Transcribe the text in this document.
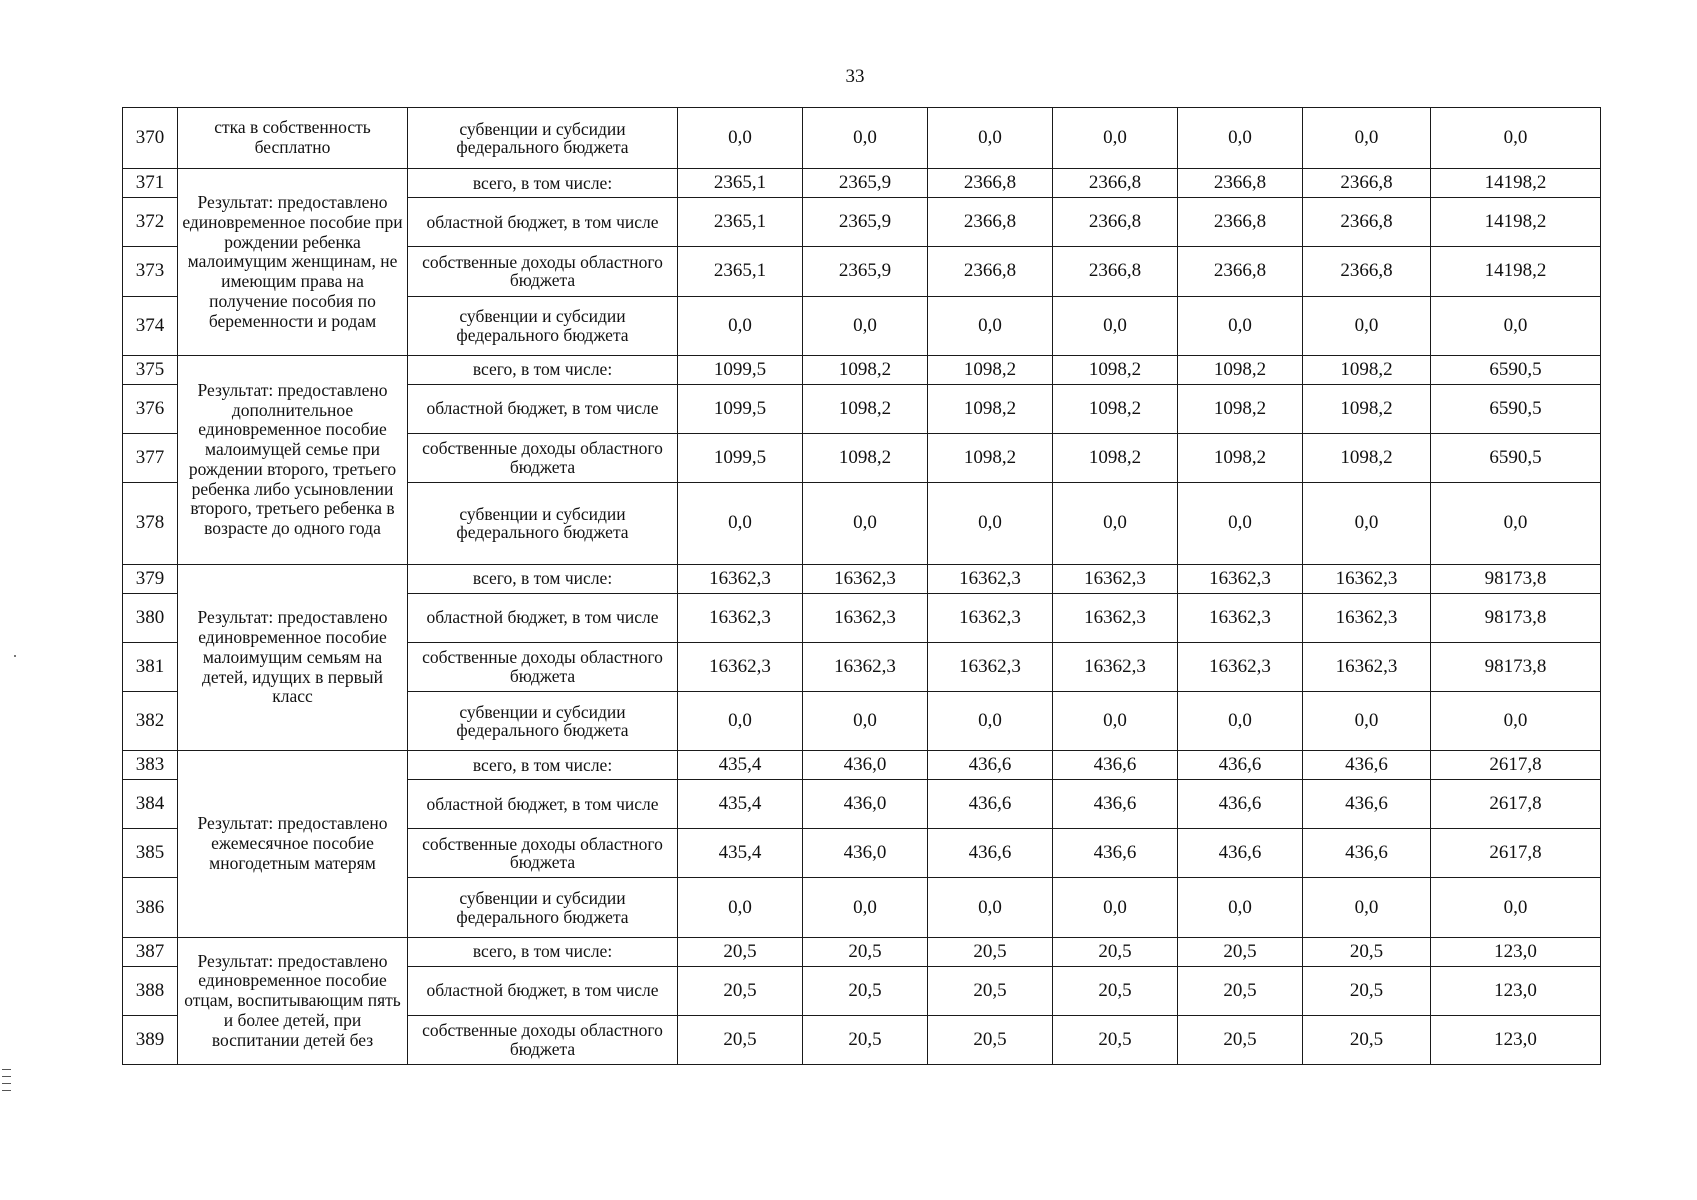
33
370	стка в собственность бесплатно	субвенции и субсидии федерального бюджета	0,0	0,0	0,0	0,0	0,0	0,0	0,0	
371	Результат: предоставлено единовременное пособие при рождении ребенка малоимущим женщинам, не имеющим права на получение пособия по беременности и родам	всего, в том числе:	2365,1	2365,9	2366,8	2366,8	2366,8	2366,8	14198,2	
372		областной бюджет, в том числе	2365,1	2365,9	2366,8	2366,8	2366,8	2366,8	14198,2	
373		собственные доходы областного бюджета	2365,1	2365,9	2366,8	2366,8	2366,8	2366,8	14198,2	
374		субвенции и субсидии федерального бюджета	0,0	0,0	0,0	0,0	0,0	0,0	0,0	
375	Результат: предоставлено дополнительное единовременное пособие малоимущей семье при рождении второго, третьего ребенка либо усыновлении второго, третьего ребенка в возрасте до одного года	всего, в том числе:	1099,5	1098,2	1098,2	1098,2	1098,2	1098,2	6590,5	
376		областной бюджет, в том числе	1099,5	1098,2	1098,2	1098,2	1098,2	1098,2	6590,5	
377		собственные доходы областного бюджета	1099,5	1098,2	1098,2	1098,2	1098,2	1098,2	6590,5	
378		субвенции и субсидии федерального бюджета	0,0	0,0	0,0	0,0	0,0	0,0	0,0	
379	Результат: предоставлено единовременное пособие малоимущим семьям на детей, идущих в первый класс	всего, в том числе:	16362,3	16362,3	16362,3	16362,3	16362,3	16362,3	98173,8	
380		областной бюджет, в том числе	16362,3	16362,3	16362,3	16362,3	16362,3	16362,3	98173,8	
381		собственные доходы областного бюджета	16362,3	16362,3	16362,3	16362,3	16362,3	16362,3	98173,8	
382		субвенции и субсидии федерального бюджета	0,0	0,0	0,0	0,0	0,0	0,0	0,0	
383	Результат: предоставлено ежемесячное пособие многодетным матерям	всего, в том числе:	435,4	436,0	436,6	436,6	436,6	436,6	2617,8	
384		областной бюджет, в том числе	435,4	436,0	436,6	436,6	436,6	436,6	2617,8	
385		собственные доходы областного бюджета	435,4	436,0	436,6	436,6	436,6	436,6	2617,8	
386		субвенции и субсидии федерального бюджета	0,0	0,0	0,0	0,0	0,0	0,0	0,0	
387	Результат: предоставлено единовременное пособие отцам, воспитывающим пять и более детей, при воспитании детей без	всего, в том числе:	20,5	20,5	20,5	20,5	20,5	20,5	123,0	
388		областной бюджет, в том числе	20,5	20,5	20,5	20,5	20,5	20,5	123,0	
389		собственные доходы областного бюджета	20,5	20,5	20,5	20,5	20,5	20,5	123,0	
